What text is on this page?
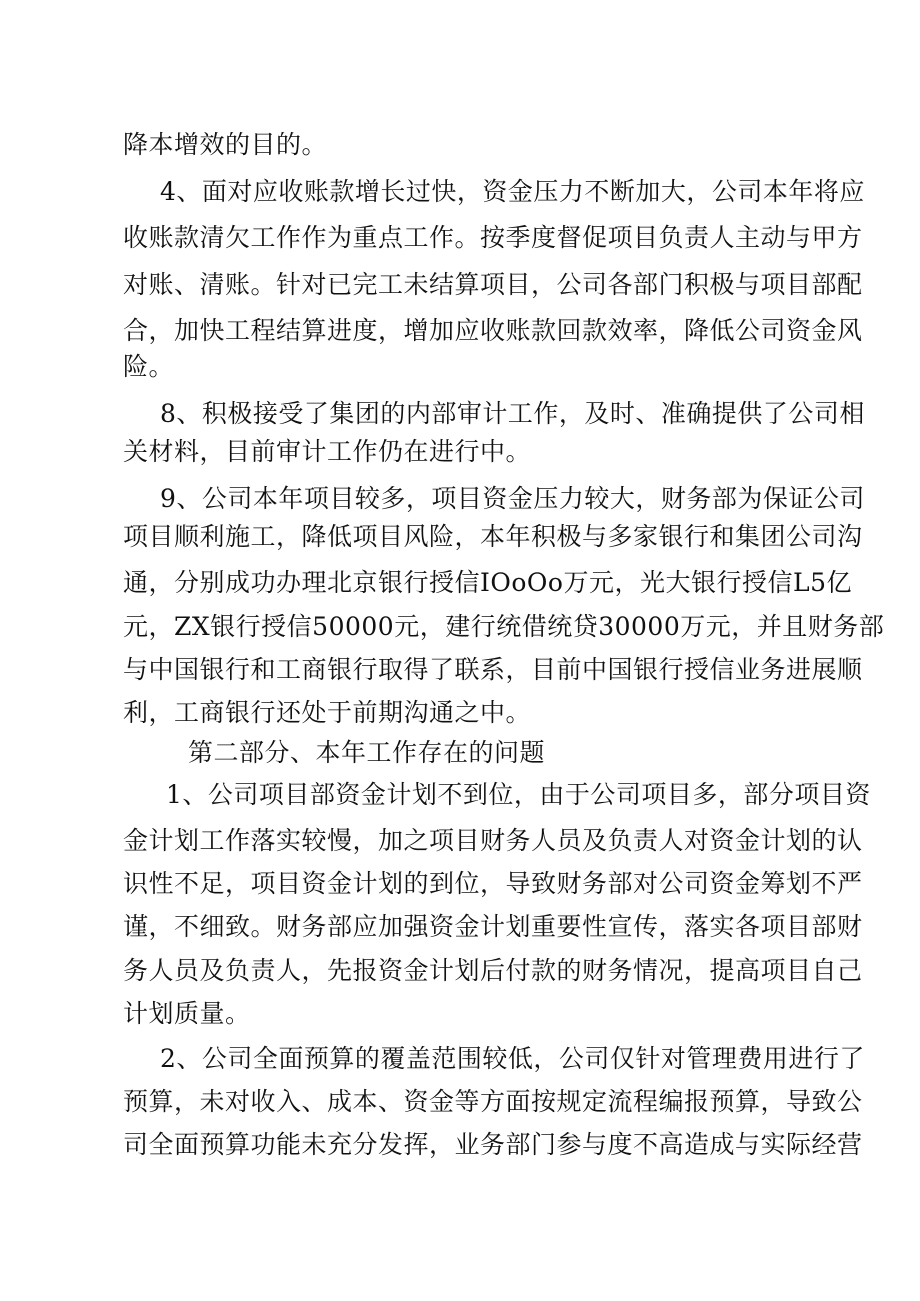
降本增效的目的。
4、面对应收账款增长过快，资金压力不断加大，公司本年将应
收账款清欠工作作为重点工作。按季度督促项目负责人主动与甲方
对账、清账。针对已完工未结算项目，公司各部门积极与项目部配
合，加快工程结算进度，增加应收账款回款效率，降低公司资金风
险。
8、积极接受了集团的内部审计工作，及时、准确提供了公司相
关材料，目前审计工作仍在进行中。
9、公司本年项目较多，项目资金压力较大，财务部为保证公司
项目顺利施工，降低项目风险，本年积极与多家银行和集团公司沟
通，分别成功办理北京银行授信IOoOo万元，光大银行授信L5亿
元，ZX银行授信50000元，建行统借统贷30000万元，并且财务部
与中国银行和工商银行取得了联系，目前中国银行授信业务进展顺
利，工商银行还处于前期沟通之中。
第二部分、本年工作存在的问题
1、公司项目部资金计划不到位，由于公司项目多，部分项目资
金计划工作落实较慢，加之项目财务人员及负责人对资金计划的认
识性不足，项目资金计划的到位，导致财务部对公司资金筹划不严
谨，不细致。财务部应加强资金计划重要性宣传，落实各项目部财
务人员及负责人，先报资金计划后付款的财务情况，提高项目自己
计划质量。
2、公司全面预算的覆盖范围较低，公司仅针对管理费用进行了
预算，未对收入、成本、资金等方面按规定流程编报预算，导致公
司全面预算功能未充分发挥，业务部门参与度不高造成与实际经营
